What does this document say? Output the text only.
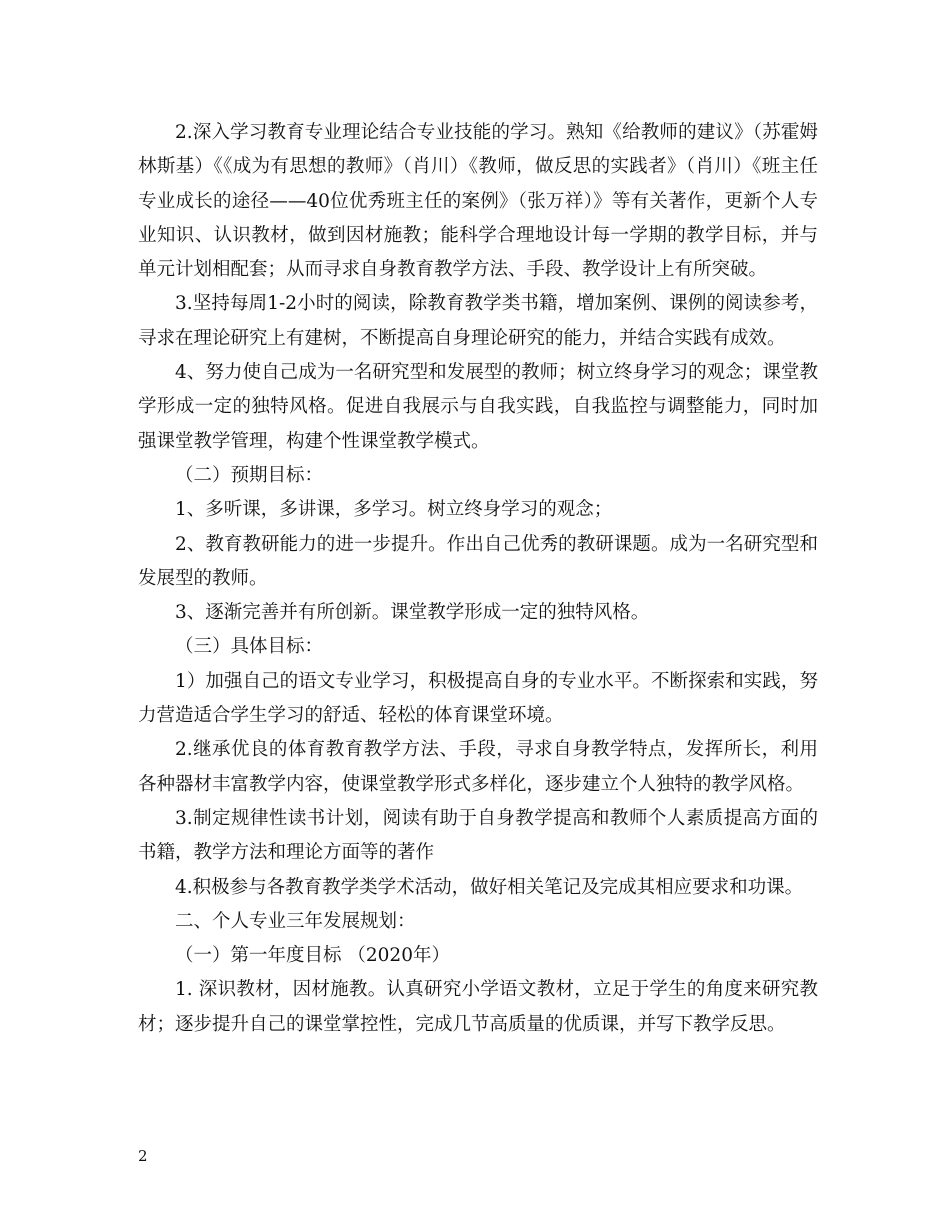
2.深入学习教育专业理论结合专业技能的学习。熟知《给教师的建议》（苏霍姆林斯基）《《成为有思想的教师》（肖川）《教师，做反思的实践者》（肖川）《班主任专业成长的途径——40位优秀班主任的案例》（张万祥）》等有关著作，更新个人专业知识、认识教材，做到因材施教；能科学合理地设计每一学期的教学目标，并与单元计划相配套；从而寻求自身教育教学方法、手段、教学设计上有所突破。

3.坚持每周1-2小时的阅读，除教育教学类书籍，增加案例、课例的阅读参考，寻求在理论研究上有建树，不断提高自身理论研究的能力，并结合实践有成效。

4、努力使自己成为一名研究型和发展型的教师；树立终身学习的观念；课堂教学形成一定的独特风格。促进自我展示与自我实践，自我监控与调整能力，同时加强课堂教学管理，构建个性课堂教学模式。

（二）预期目标：

1、多听课，多讲课，多学习。树立终身学习的观念；

2、教育教研能力的进一步提升。作出自己优秀的教研课题。成为一名研究型和发展型的教师。

3、逐渐完善并有所创新。课堂教学形成一定的独特风格。

（三）具体目标：

1）加强自己的语文专业学习，积极提高自身的专业水平。不断探索和实践，努力营造适合学生学习的舒适、轻松的体育课堂环境。

2.继承优良的体育教育教学方法、手段，寻求自身教学特点，发挥所长，利用各种器材丰富教学内容，使课堂教学形式多样化，逐步建立个人独特的教学风格。

3.制定规律性读书计划，阅读有助于自身教学提高和教师个人素质提高方面的书籍，教学方法和理论方面等的著作

4.积极参与各教育教学类学术活动，做好相关笔记及完成其相应要求和功课。

二、个人专业三年发展规划：

（一）第一年度目标 （2020年）

1. 深识教材，因材施教。认真研究小学语文教材，立足于学生的角度来研究教材；逐步提升自己的课堂掌控性，完成几节高质量的优质课，并写下教学反思。

2
